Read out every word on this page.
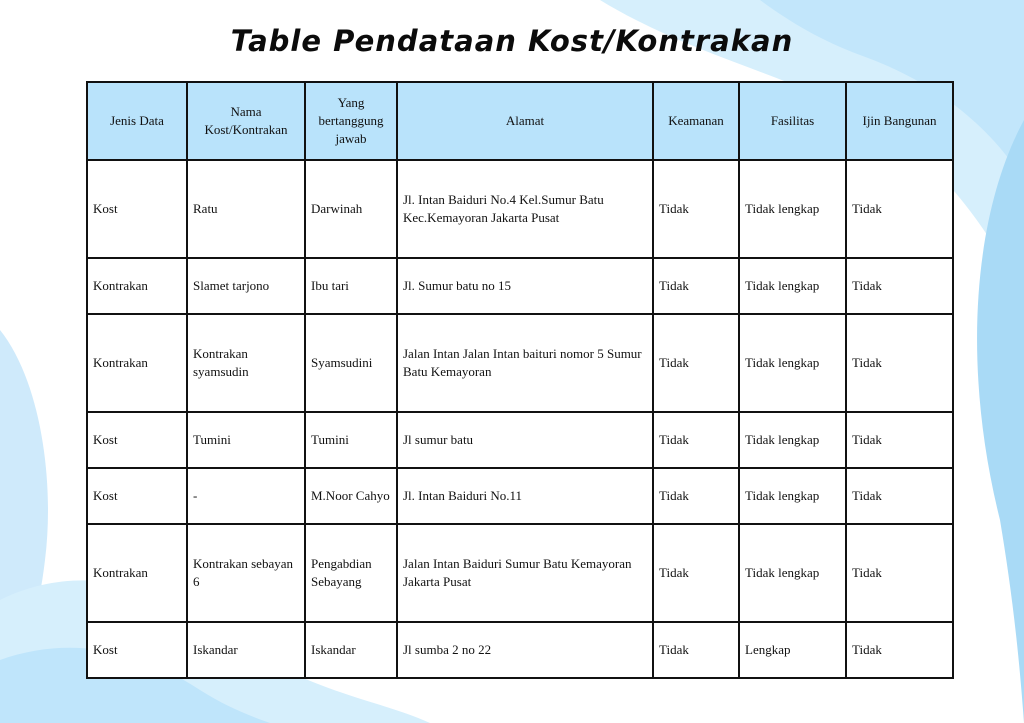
Table Pendataan Kost/Kontrakan
Jenis Data	Nama Kost/Kontrakan	Yang bertanggung jawab	Alamat	Keamanan	Fasilitas	Ijin Bangunan
Kost	Ratu	Darwinah	Jl. Intan Baiduri No.4 Kel.Sumur Batu Kec.Kemayoran Jakarta Pusat	Tidak	Tidak lengkap	Tidak
Kontrakan	Slamet tarjono	Ibu tari	Jl. Sumur batu no 15	Tidak	Tidak lengkap	Tidak
Kontrakan	Kontrakan syamsudin	Syamsudini	Jalan Intan Jalan Intan baituri nomor 5 Sumur Batu Kemayoran	Tidak	Tidak lengkap	Tidak
Kost	Tumini	Tumini	Jl sumur batu	Tidak	Tidak lengkap	Tidak
Kost	-	M.Noor Cahyo	Jl. Intan Baiduri No.11	Tidak	Tidak lengkap	Tidak
Kontrakan	Kontrakan sebayan 6	Pengabdian Sebayang	Jalan Intan Baiduri Sumur Batu Kemayoran Jakarta Pusat	Tidak	Tidak lengkap	Tidak
Kost	Iskandar	Iskandar	Jl sumba 2 no 22	Tidak	Lengkap	Tidak
